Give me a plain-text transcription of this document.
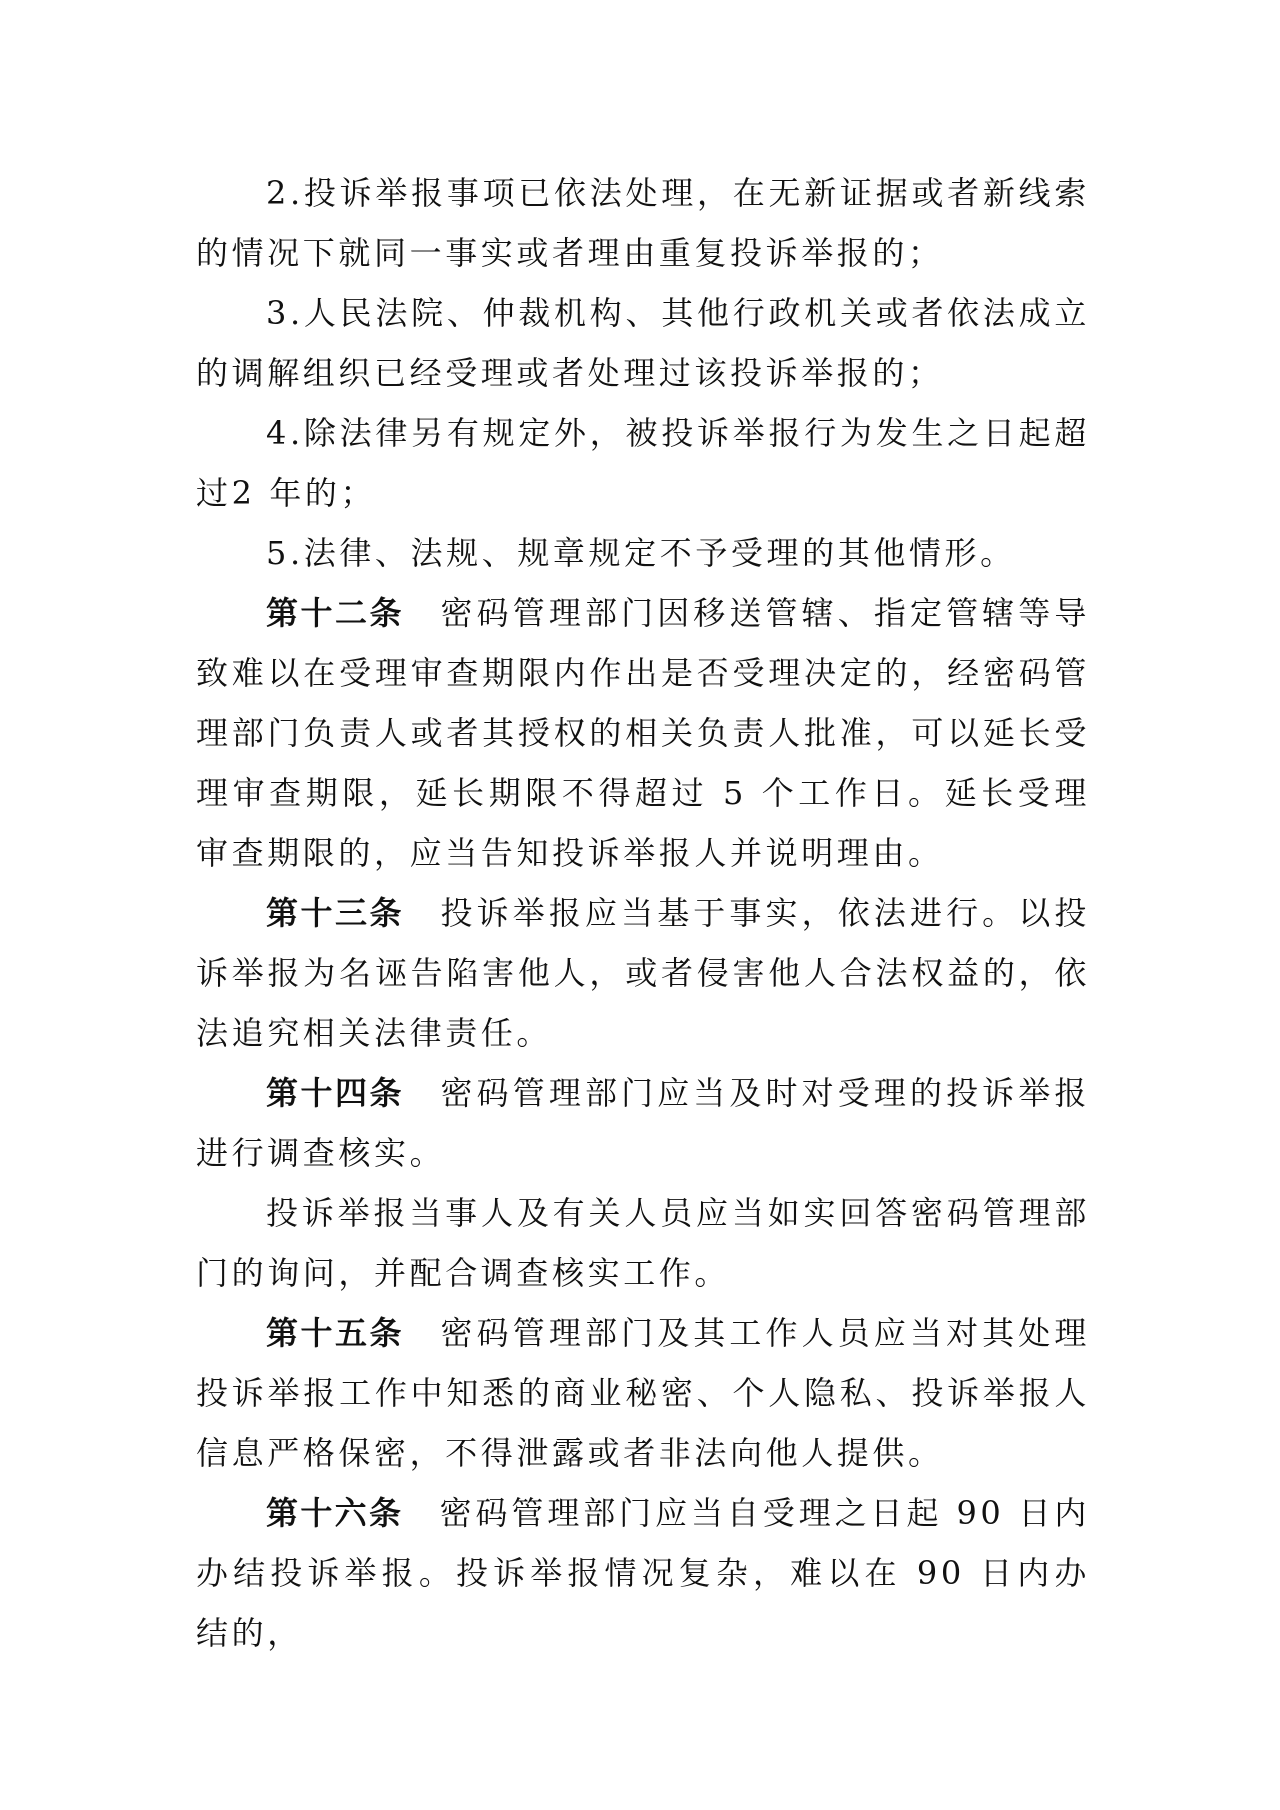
2.投诉举报事项已依法处理，在无新证据或者新线索的情况下就同一事实或者理由重复投诉举报的；

3.人民法院、仲裁机构、其他行政机关或者依法成立的调解组织已经受理或者处理过该投诉举报的；

4.除法律另有规定外，被投诉举报行为发生之日起超过2 年的；

5.法律、法规、规章规定不予受理的其他情形。

第十二条 密码管理部门因移送管辖、指定管辖等导致难以在受理审查期限内作出是否受理决定的，经密码管理部门负责人或者其授权的相关负责人批准，可以延长受理审查期限，延长期限不得超过 5 个工作日。延长受理审查期限的，应当告知投诉举报人并说明理由。

第十三条 投诉举报应当基于事实，依法进行。以投诉举报为名诬告陷害他人，或者侵害他人合法权益的，依法追究相关法律责任。

第十四条 密码管理部门应当及时对受理的投诉举报进行调查核实。

投诉举报当事人及有关人员应当如实回答密码管理部门的询问，并配合调查核实工作。

第十五条 密码管理部门及其工作人员应当对其处理投诉举报工作中知悉的商业秘密、个人隐私、投诉举报人信息严格保密，不得泄露或者非法向他人提供。

第十六条 密码管理部门应当自受理之日起 90 日内办结投诉举报。投诉举报情况复杂，难以在 90 日内办结的，
